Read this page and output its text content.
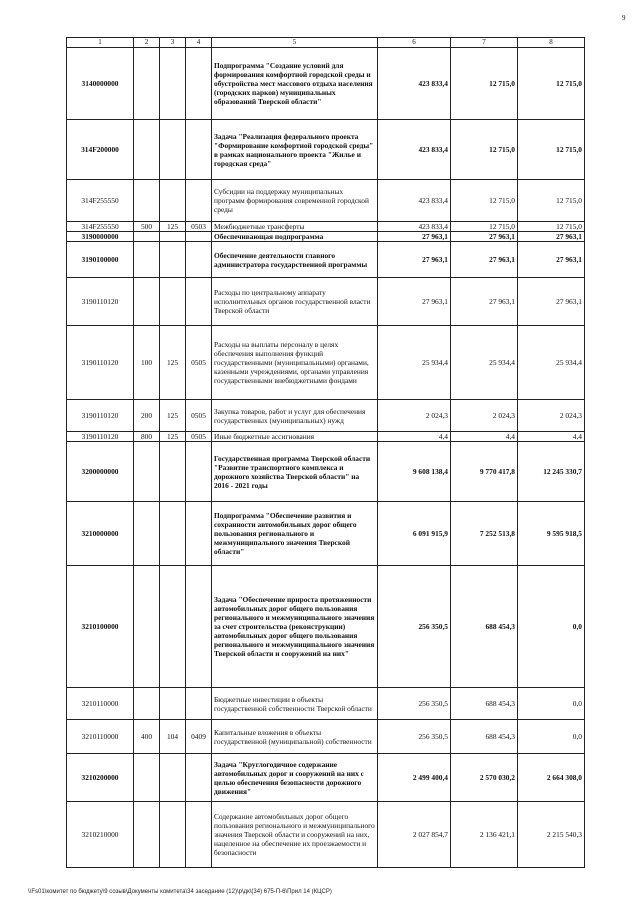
9
1	2	3	4	5	6	7	8
3140000000				Подпрограмма "Создание условий для формирования комфортной городской среды и обустройства мест массового отдыха населения (городских парков) муниципальных образований Тверской области"	423 833,4	12 715,0	12 715,0
314F200000				Задача "Реализация федерального проекта "Формирование комфортной городской среды" в рамках национального проекта "Жилье и городская среда"	423 833,4	12 715,0	12 715,0
314F255550				Субсидии на поддержку муниципальных программ формирования современной городской среды	423 833,4	12 715,0	12 715,0
314F255550	500	125	0503	Межбюджетные трансферты	423 833,4	12 715,0	12 715,0
3190000000				Обеспечивающая подпрограмма	27 963,1	27 963,1	27 963,1
3190100000				Обеспечение деятельности главного администратора государственной программы	27 963,1	27 963,1	27 963,1
3190110120				Расходы по центральному аппарату исполнительных органов государственной власти Тверской области	27 963,1	27 963,1	27 963,1
3190110120	100	125	0505	Расходы на выплаты персоналу в целях обеспечения выполнения функций государственными (муниципальными) органами, казенными учреждениями, органами управления государственными внебюджетными фондами	25 934,4	25 934,4	25 934,4
3190110120	200	125	0505	Закупка товаров, работ и услуг для обеспечения государственных (муниципальных) нужд	2 024,3	2 024,3	2 024,3
3190110120	800	125	0505	Иные бюджетные ассигнования	4,4	4,4	4,4
3200000000				Государственная программа Тверской области "Развитие транспортного комплекса и дорожного хозяйства Тверской области" на 2016 - 2021 годы	9 608 138,4	9 770 417,8	12 245 330,7
3210000000				Подпрограмма "Обеспечение развития и сохранности автомобильных дорог общего пользования регионального и межмуниципального значения Тверской области"	6 091 915,9	7 252 513,8	9 595 918,5
3210100000				Задача "Обеспечение прироста протяженности автомобильных дорог общего пользования регионального и межмуниципального значения за счет строительства (реконструкции) автомобильных дорог общего пользования регионального и межмуниципального значения Тверской области и сооружений на них"	256 350,5	688 454,3	0,0
3210110000				Бюджетные инвестиции в объекты государственной собственности Тверской области	256 350,5	688 454,3	0,0
3210110000	400	104	0409	Капитальные вложения в объекты государственной (муниципальной) собственности	256 350,5	688 454,3	0,0
3210200000				Задача "Круглогодичное содержание автомобильных дорог и сооружений на них с целью обеспечения безопасности дорожного движения"	2 499 400,4	2 570 030,2	2 664 308,0
3210210000				Содержание автомобильных дорог общего пользования регионального и межмуниципального значения Тверской области и сооружений на них, нацеленное на обеспечение их проезжаемости и безопасности	2 027 854,7	2 136 421,1	2 215 540,3
\\Fs01\комитет по бюджету\9 созыв\Документы комитета\34 заседание (12)\p\дк\(34) 675-П-6\Прил 14 (КЦСР)
